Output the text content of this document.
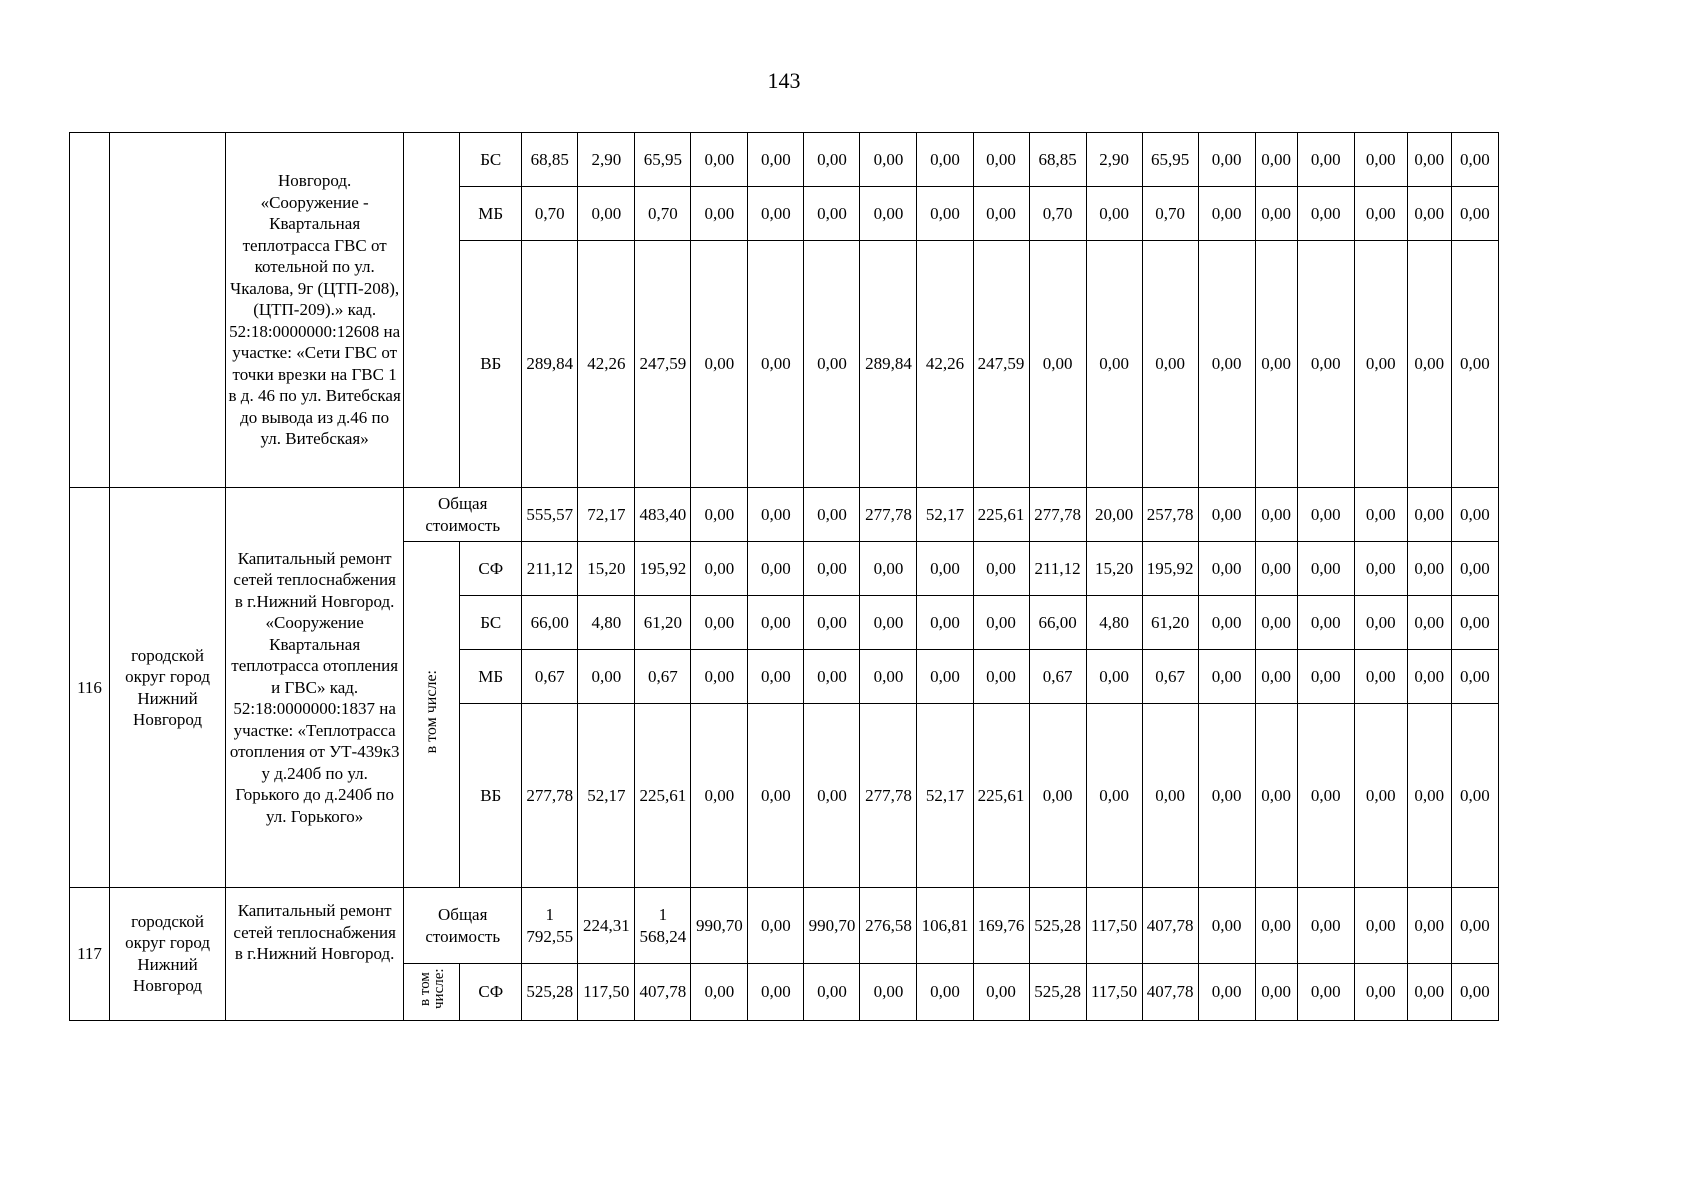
143
		Новгород. «Сооружение - Квартальная теплотрасса ГВС от котельной по ул. Чкалова, 9г (ЦТП-208), (ЦТП-209).» кад. 52:18:0000000:12608 на участке: «Сети ГВС от точки врезки на ГВС 1 в д. 46 по ул. Витебская до вывода из д.46 по ул. Витебская»		БС	68,85	2,90	65,95	0,00	0,00	0,00	0,00	0,00	0,00	68,85	2,90	65,95	0,00	0,00	0,00	0,00	0,00	0,00
				МБ	0,70	0,00	0,70	0,00	0,00	0,00	0,00	0,00	0,00	0,70	0,00	0,70	0,00	0,00	0,00	0,00	0,00	0,00
				ВБ	289,84	42,26	247,59	0,00	0,00	0,00	289,84	42,26	247,59	0,00	0,00	0,00	0,00	0,00	0,00	0,00	0,00	0,00
116	городской округ город Нижний Новгород	Капитальный ремонт сетей теплоснабжения в г.Нижний Новгород. «Сооружение Квартальная теплотрасса отопления и ГВС» кад. 52:18:0000000:1837 на участке: «Теплотрасса отопления от УТ-439к3 у д.240б по ул. Горького до д.240б по ул. Горького»	Общая стоимость		555,57	72,17	483,40	0,00	0,00	0,00	277,78	52,17	225,61	277,78	20,00	257,78	0,00	0,00	0,00	0,00	0,00	0,00
			в том числе:	СФ	211,12	15,20	195,92	0,00	0,00	0,00	0,00	0,00	0,00	211,12	15,20	195,92	0,00	0,00	0,00	0,00	0,00	0,00
				БС	66,00	4,80	61,20	0,00	0,00	0,00	0,00	0,00	0,00	66,00	4,80	61,20	0,00	0,00	0,00	0,00	0,00	0,00
				МБ	0,67	0,00	0,67	0,00	0,00	0,00	0,00	0,00	0,00	0,67	0,00	0,67	0,00	0,00	0,00	0,00	0,00	0,00
				ВБ	277,78	52,17	225,61	0,00	0,00	0,00	277,78	52,17	225,61	0,00	0,00	0,00	0,00	0,00	0,00	0,00	0,00	0,00
117	городской округ город Нижний Новгород	Капитальный ремонт сетей теплоснабжения в г.Нижний Новгород.	Общая стоимость		1 792,55	224,31	1 568,24	990,70	0,00	990,70	276,58	106,81	169,76	525,28	117,50	407,78	0,00	0,00	0,00	0,00	0,00	0,00
			в том числе:	СФ	525,28	117,50	407,78	0,00	0,00	0,00	0,00	0,00	0,00	525,28	117,50	407,78	0,00	0,00	0,00	0,00	0,00	0,00
